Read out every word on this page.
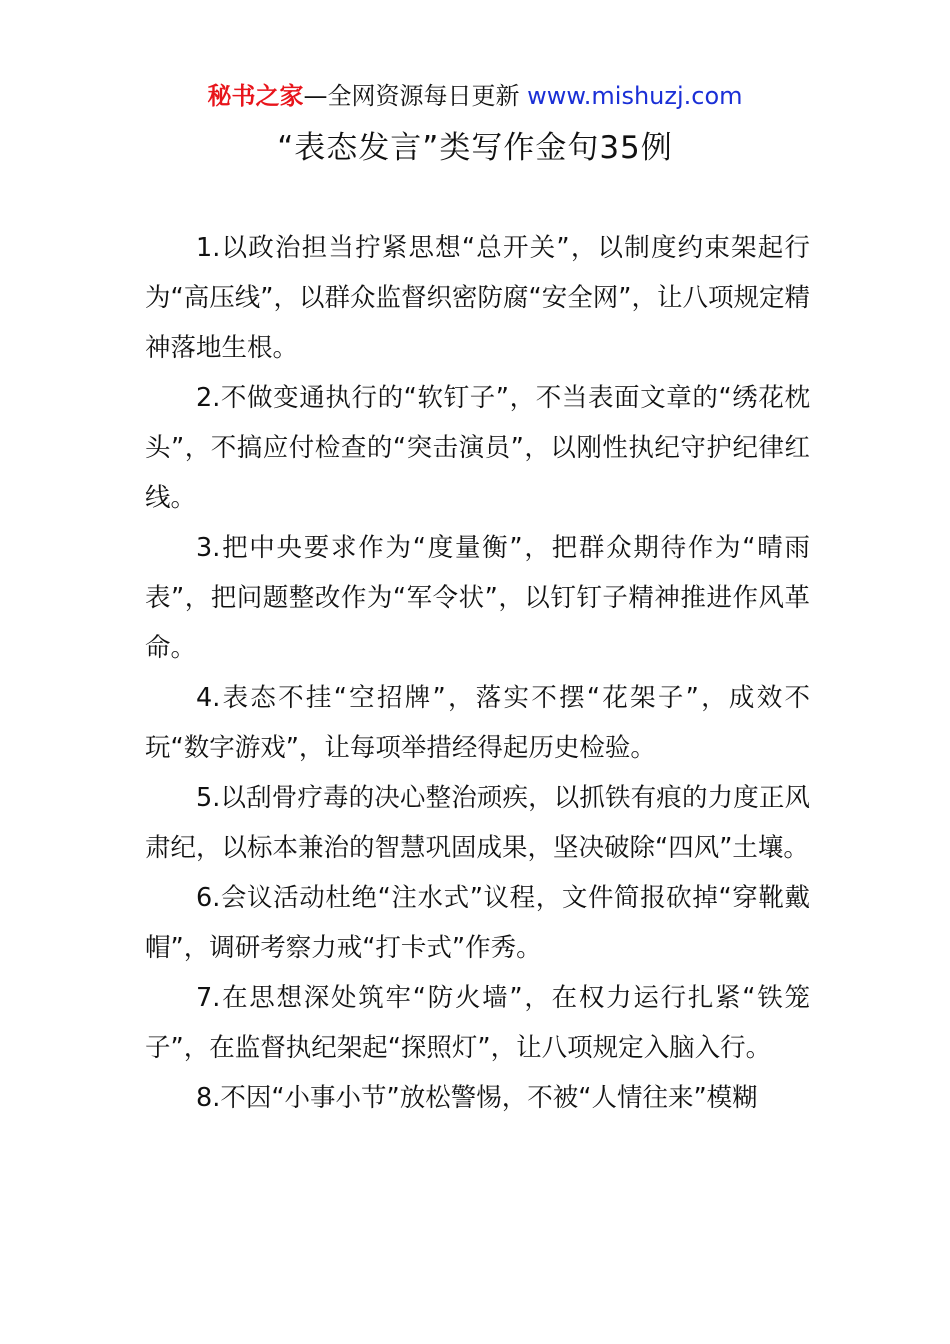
秘书之家—全网资源每日更新 www.mishuzj.com
“表态发言”类写作金句35例

1.以政治担当拧紧思想“总开关”，以制度约束架起行为“高压线”，以群众监督织密防腐“安全网”，让八项规定精神落地生根。

2.不做变通执行的“软钉子”，不当表面文章的“绣花枕头”，不搞应付检查的“突击演员”，以刚性执纪守护纪律红线。

3.把中央要求作为“度量衡”，把群众期待作为“晴雨表”，把问题整改作为“军令状”，以钉钉子精神推进作风革命。

4.表态不挂“空招牌”，落实不摆“花架子”，成效不玩“数字游戏”，让每项举措经得起历史检验。

5.以刮骨疗毒的决心整治顽疾，以抓铁有痕的力度正风肃纪，以标本兼治的智慧巩固成果，坚决破除“四风”土壤。

6.会议活动杜绝“注水式”议程，文件简报砍掉“穿靴戴帽”，调研考察力戒“打卡式”作秀。

7.在思想深处筑牢“防火墙”，在权力运行扎紧“铁笼子”，在监督执纪架起“探照灯”，让八项规定入脑入行。

8.不因“小事小节”放松警惕，不被“人情往来”模糊
